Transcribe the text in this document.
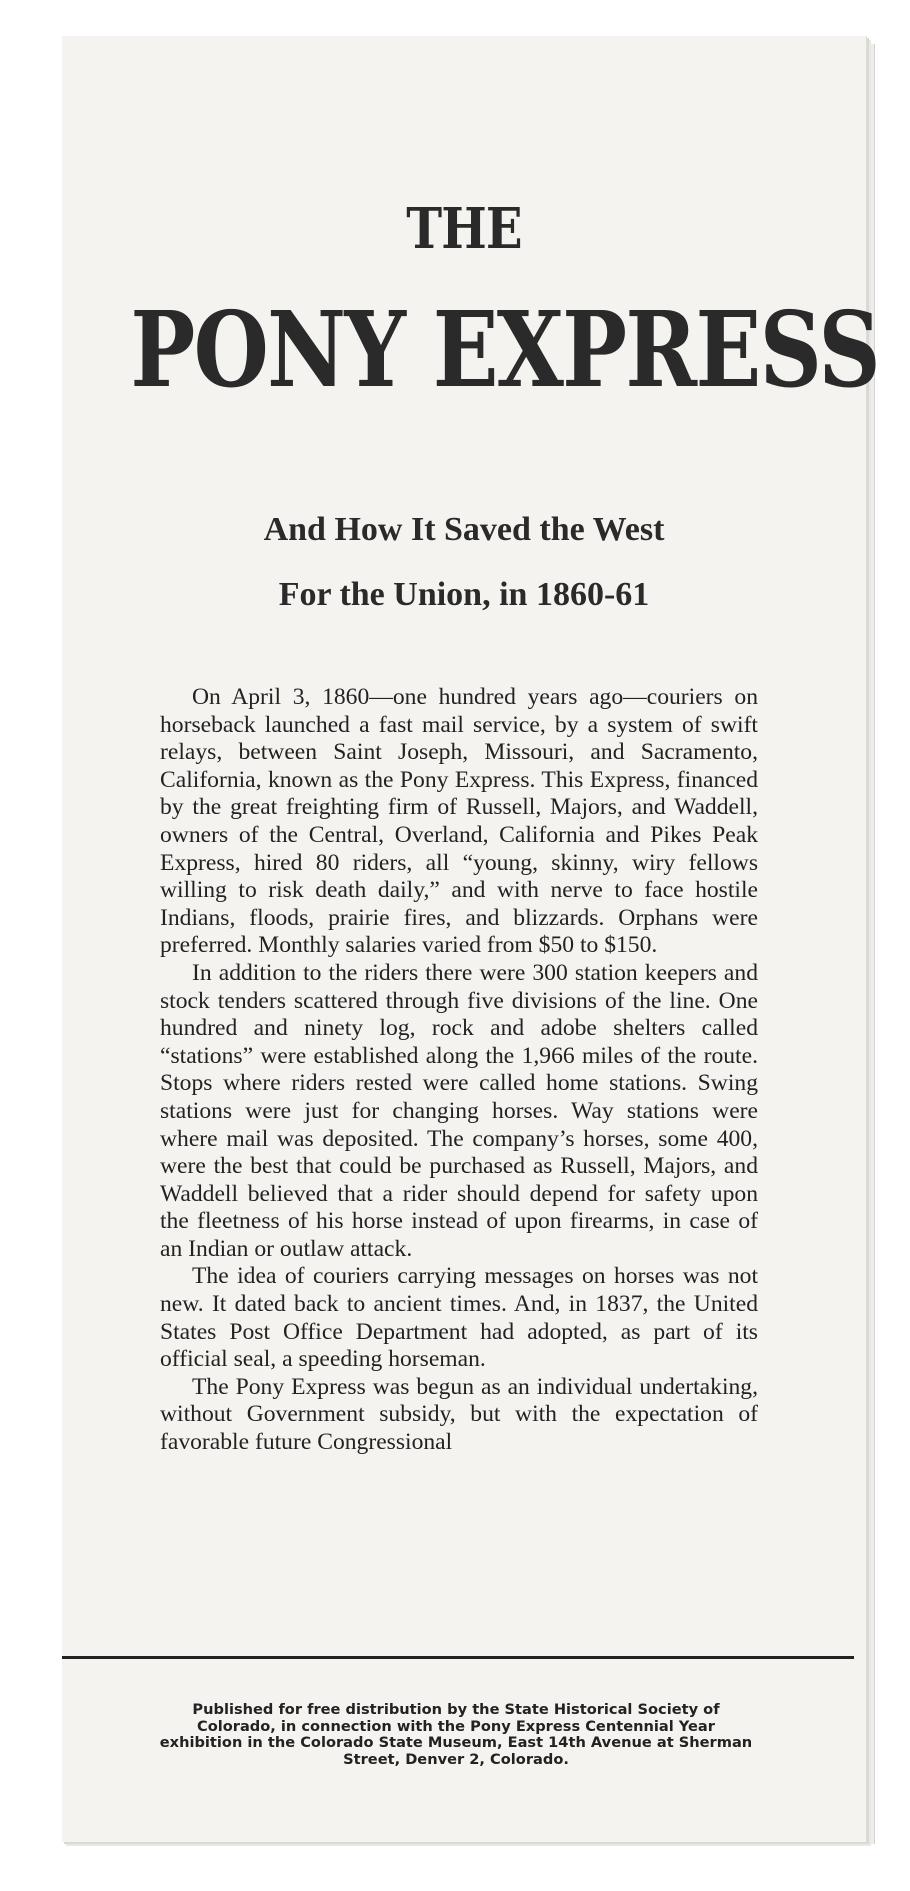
THE
PONY EXPRESS
And How It Saved the West
For the Union, in 1860-61

On April 3, 1860—one hundred years ago—couriers on horseback launched a fast mail service, by a system of swift relays, between Saint Joseph, Missouri, and Sacramento, California, known as the Pony Express. This Express, financed by the great freighting firm of Russell, Majors, and Waddell, owners of the Central, Overland, California and Pikes Peak Express, hired 80 riders, all “young, skinny, wiry fellows willing to risk death daily,” and with nerve to face hostile Indians, floods, prairie fires, and blizzards. Orphans were preferred. Monthly salaries varied from $50 to $150.

In addition to the riders there were 300 station keepers and stock tenders scattered through five divisions of the line. One hundred and ninety log, rock and adobe shelters called “stations” were established along the 1,966 miles of the route. Stops where riders rested were called home stations. Swing stations were just for changing horses. Way stations were where mail was deposited. The company’s horses, some 400, were the best that could be purchased as Russell, Majors, and Waddell believed that a rider should depend for safety upon the fleetness of his horse instead of upon firearms, in case of an Indian or outlaw attack.

The idea of couriers carrying messages on horses was not new. It dated back to ancient times. And, in 1837, the United States Post Office Department had adopted, as part of its official seal, a speeding horseman.

The Pony Express was begun as an individual undertaking, without Government subsidy, but with the expectation of favorable future Congressional

Published for free distribution by the State Historical Society of Colorado, in connection with the Pony Express Centennial Year exhibition in the Colorado State Museum, East 14th Avenue at Sherman Street, Denver 2, Colorado.
